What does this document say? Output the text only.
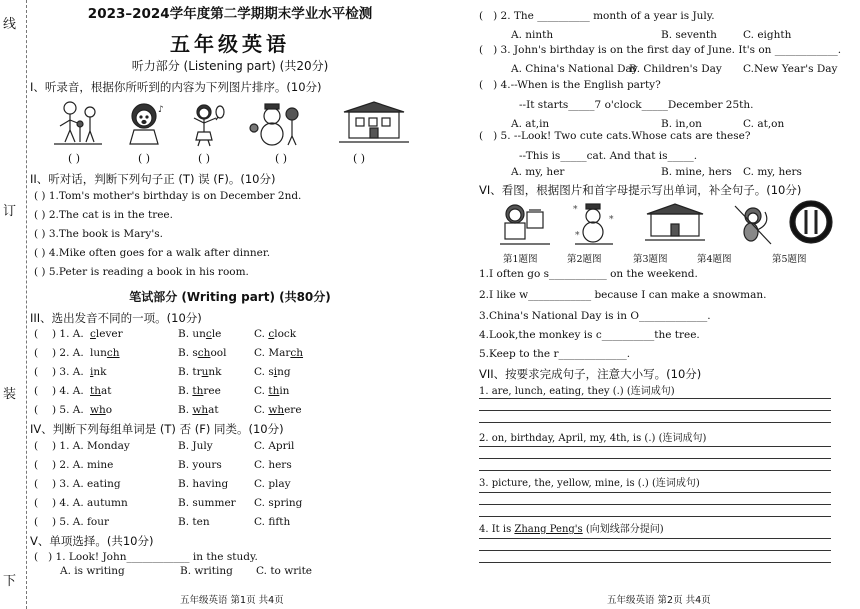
线
订
装
下
2023–2024学年度第二学期期末学业水平检测
五年级英语
听力部分 (Listening part) (共20分)
I、听录音，根据你所听到的内容为下列图片排序。(10分)
♪
( )	( )	( )	( )	( )
II、听对话，判断下列句子正 (T) 误 (F)。(10分)
( ) 1.Tom's mother's birthday is on December 2nd.
( ) 2.The cat is in the tree.
( ) 3.The book is Mary's.
( ) 4.Mike often goes for a walk after dinner.
( ) 5.Peter is reading a book in his room.
笔试部分 (Writing part) (共80分)
III、选出发音不同的一项。(10分)
IV、判断下列每组单词是 (T) 否 (F) 同类。(10分)
V、单项选择。(共10分)
( ) 1. Look! John____________ in the study.
A. is writing	B. writing C. to write
五年级英语 第1页 共4页
( ) 1. A. clever	B. uncle	C. clock
( ) 2. A. lunch	B. school	C. March
( ) 3. A. ink	B. trunk	C. sing
( ) 4. A. that	B. three	C. thin
( ) 5. A. who	B. what	C. where
( ) 1. A. Monday	B. July	C. April
( ) 2. A. mine	B. yours	C. hers
( ) 3. A. eating	B. having C. play
( ) 4. A. autumn	B. summer C. spring
( ) 5. A. four	B. ten	C. fifth
--It starts_____7 o'clock_____December 25th.
--This is_____cat. And that is_____.
VI、看图，根据图片和首字母提示写出单词，补全句子。(10分)
*
*
*
第1题图	第2题图	第3题图	第4题图	第5题图
1.I often go s___________ on the weekend.
2.I like w____________ because I can make a snowman.
3.China's National Day is in O_____________.
4.Look,the monkey is c__________the tree.
5.Keep to the r_____________.
VII、按要求完成句子，注意大小写。(10分)
1. are, lunch, eating, they (.) (连词成句)
2. on, birthday, April, my, 4th, is (.) (连词成句)
3. picture, the, yellow, mine, is (.) (连词成句)
4. It is Zhang Peng's (向划线部分提问)
五年级英语 第2页 共4页
( ) 2. The __________ month of a year is July.
A. ninth	B. seventh C. eighth
( ) 3. John's birthday is on the first day of June. It's on ____________.
A. China's National Day
B. Children's Day C.New Year's Day
( ) 4.--When is the English party?
A. at,in	B. in,on	C. at,on
( ) 5. --Look! Two cute cats.Whose cats are these?
A. my, her	B. mine, hers C. my, hers
